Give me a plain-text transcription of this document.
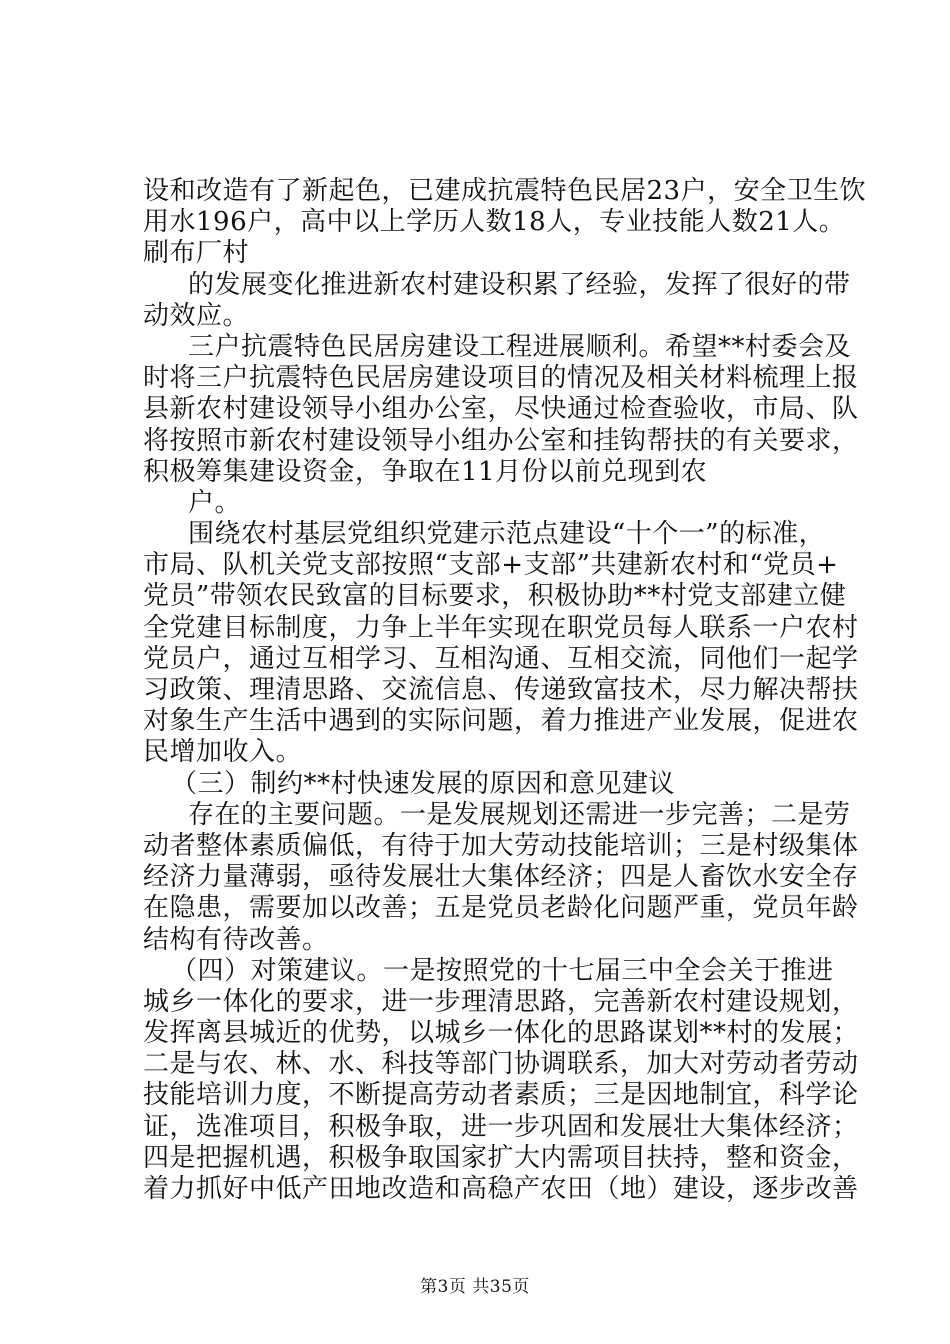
设和改造有了新起色，已建成抗震特色民居23户，安全卫生饮
用水196户，高中以上学历人数18人，专业技能人数21人。
刷布厂村
的发展变化推进新农村建设积累了经验，发挥了很好的带
动效应。
三户抗震特色民居房建设工程进展顺利。希望**村委会及
时将三户抗震特色民居房建设项目的情况及相关材料梳理上报
县新农村建设领导小组办公室，尽快通过检查验收，市局、队
将按照市新农村建设领导小组办公室和挂钩帮扶的有关要求，
积极筹集建设资金，争取在11月份以前兑现到农
户。
围绕农村基层党组织党建示范点建设“十个一”的标准，
市局、队机关党支部按照“支部+支部”共建新农村和“党员+
党员”带领农民致富的目标要求，积极协助**村党支部建立健
全党建目标制度，力争上半年实现在职党员每人联系一户农村
党员户，通过互相学习、互相沟通、互相交流，同他们一起学
习政策、理清思路、交流信息、传递致富技术，尽力解决帮扶
对象生产生活中遇到的实际问题，着力推进产业发展，促进农
民增加收入。
（三）制约**村快速发展的原因和意见建议
存在的主要问题。一是发展规划还需进一步完善；二是劳
动者整体素质偏低，有待于加大劳动技能培训；三是村级集体
经济力量薄弱，亟待发展壮大集体经济；四是人畜饮水安全存
在隐患，需要加以改善；五是党员老龄化问题严重，党员年龄
结构有待改善。
（四）对策建议。一是按照党的十七届三中全会关于推进
城乡一体化的要求，进一步理清思路，完善新农村建设规划，
发挥离县城近的优势，以城乡一体化的思路谋划**村的发展；
二是与农、林、水、科技等部门协调联系，加大对劳动者劳动
技能培训力度，不断提高劳动者素质；三是因地制宜，科学论
证，选准项目，积极争取，进一步巩固和发展壮大集体经济；
四是把握机遇，积极争取国家扩大内需项目扶持，整和资金，
着力抓好中低产田地改造和高稳产农田（地）建设，逐步改善
第3页 共35页
